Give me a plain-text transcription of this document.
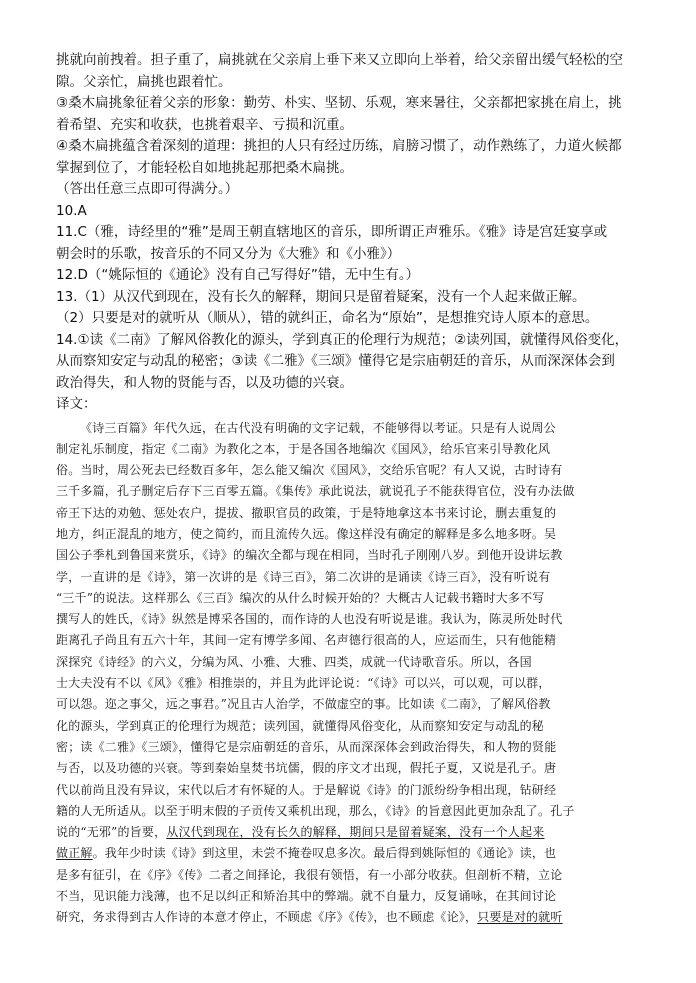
挑就向前拽着。担子重了，扁挑就在父亲肩上垂下来又立即向上举着，给父亲留出缓气轻松的空
隙。父亲忙，扁挑也跟着忙。
③桑木扁挑象征着父亲的形象：勤劳、朴实、坚韧、乐观，寒来暑往，父亲都把家挑在肩上，挑
着希望、充实和收获，也挑着艰辛、亏损和沉重。
④桑木扁挑蕴含着深刻的道理：挑担的人只有经过历练，肩膀习惯了，动作熟练了，力道火候都
掌握到位了，才能轻松自如地挑起那把桑木扁挑。
（答出任意三点即可得满分。）
10.A
11.C（雅，诗经里的“雅”是周王朝直辖地区的音乐，即所谓正声雅乐。《雅》诗是宫廷宴享或
朝会时的乐歌，按音乐的不同又分为《大雅》和《小雅》）
12.D（“姚际恒的《通论》没有自己写得好”错，无中生有。）
13.（1）从汉代到现在，没有长久的解释，期间只是留着疑案，没有一个人起来做正解。
（2）只要是对的就听从（顺从），错的就纠正，命名为“原始”，是想推究诗人原本的意思。
14.①读《二南》了解风俗教化的源头，学到真正的伦理行为规范；②读列国，就懂得风俗变化，
从而察知安定与动乱的秘密；③读《二雅》《三颂》懂得它是宗庙朝廷的音乐，从而深深体会到
政治得失，和人物的贤能与否，以及功德的兴衰。
译文：
《诗三百篇》年代久远，在古代没有明确的文字记载，不能够得以考证。只是有人说周公
制定礼乐制度，指定《二南》为教化之本，于是各国各地编次《国风》，给乐官来引导教化风
俗。当时，周公死去已经数百多年，怎么能又编次《国风》，交给乐官呢？有人又说，古时诗有
三千多篇，孔子删定后存下三百零五篇。《集传》承此说法，就说孔子不能获得官位，没有办法做
帝王下达的劝勉、惩处农户，提拔、撤职官员的政策，于是特地拿这本书来讨论，删去重复的
地方，纠正混乱的地方，使之简约，而且流传久远。像这样没有确定的解释是多么地多呀。吴
国公子季札到鲁国来赏乐，《诗》的编次全都与现在相同，当时孔子刚刚八岁。到他开设讲坛教
学，一直讲的是《诗》，第一次讲的是《诗三百》，第二次讲的是诵读《诗三百》，没有听说有
“三千”的说法。这样那么《三百》编次的从什么时候开始的？大概古人记载书籍时大多不写
撰写人的姓氏，《诗》纵然是博采各国的，而作诗的人也没有听说是谁。我认为，陈灵所处时代
距离孔子尚且有五六十年，其间一定有博学多闻、名声德行很高的人，应运而生，只有他能精
深探究《诗经》的六义，分编为风、小雅、大雅、四类，成就一代诗歌音乐。所以，各国
士大夫没有不以《风》《雅》相推崇的，并且为此评论说：“《诗》可以兴，可以观，可以群，
可以怨。迩之事父，远之事君。”况且古人治学，不做虚空的事。比如读《二南》，了解风俗教
化的源头，学到真正的伦理行为规范；读列国，就懂得风俗变化，从而察知安定与动乱的秘
密；读《二雅》《三颂》，懂得它是宗庙朝廷的音乐，从而深深体会到政治得失，和人物的贤能
与否，以及功德的兴衰。等到秦始皇焚书坑儒，假的序文才出现，假托子夏，又说是孔子。唐
代以前尚且没有异议，宋代以后才有怀疑的人。于是解说《诗》的门派纷纷争相出现，钻研经
籍的人无所适从。以至于明末假的子贡传又乘机出现，那么，《诗》的旨意因此更加杂乱了。孔子
说的“无邪”的旨要，从汉代到现在，没有长久的解释，期间只是留着疑案，没有一个人起来
做正解。我年少时读《诗》到这里，未尝不掩卷叹息多次。最后得到姚际恒的《通论》读，也
是多有征引，在《序》《传》二者之间择论，我很有领悟，有一小部分收获。但剖析不精，立论
不当，见识能力浅薄，也不足以纠正和矫治其中的弊端。就不自量力，反复诵咏，在其间讨论
研究，务求得到古人作诗的本意才停止，不顾虑《序》《传》，也不顾虑《论》，只要是对的就听
